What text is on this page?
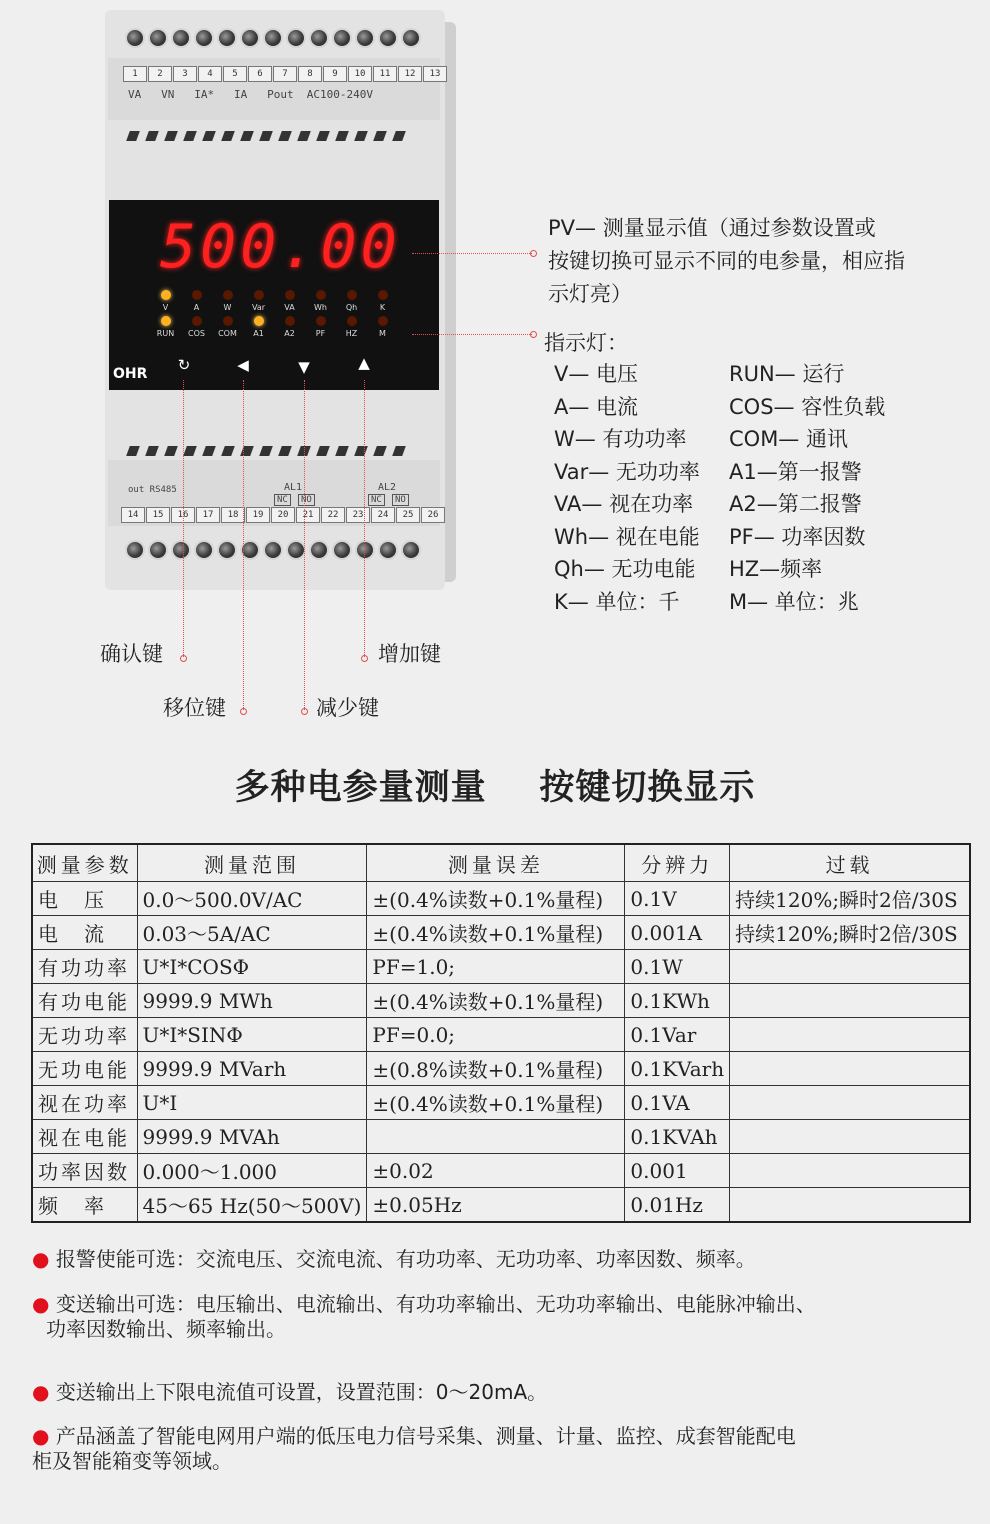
1	2	3	4	5	6	7	8	9	10	11	12	13
VA   VN   IA*   IA   Pout  AC100-240V
500.00
V	A	W	Var VA Wh Qh	K
RUN COS COM A1	A2	PF	HZ	M
OHR	↻	◀	▼	▲
out RS485	AL1	AL2
NC	NO	NC	NO
14	15	16	17	18	19	20	21	22	23	24	25	26
PV— 测量显示值（通过参数设置或
按键切换可显示不同的电参量，相应指
示灯亮）
指示灯：
V— 电压
A— 电流
W— 有功功率
Var— 无功功率
VA— 视在功率
Wh— 视在电能
Qh— 无功电能
K— 单位：千
RUN— 运行
COS— 容性负载
COM— 通讯
A1—第一报警
A2—第二报警
PF— 功率因数
HZ—频率
M— 单位：兆
确认键
移位键	减少键
增加键
多种电参量测量    按键切换显示
测量参数	测量范围	测量误差	分辨力	过载
电　压	0.0～500.0V/AC	±(0.4%读数+0.1%量程)	0.1V	持续120%;瞬时2倍/30S
电　流	0.03～5A/AC	±(0.4%读数+0.1%量程)	0.001A	持续120%;瞬时2倍/30S
有功功率	U*I*COSΦ	PF=1.0;	0.1W	
有功电能	9999.9 MWh	±(0.4%读数+0.1%量程)	0.1KWh	
无功功率	U*I*SINΦ	PF=0.0;	0.1Var	
无功电能	9999.9 MVarh	±(0.8%读数+0.1%量程)	0.1KVarh	
视在功率	U*I	±(0.4%读数+0.1%量程)	0.1VA	
视在电能	9999.9 MVAh		0.1KVAh	
功率因数	0.000～1.000	±0.02	0.001	
频　率	45～65 Hz(50～500V)	±0.05Hz	0.01Hz	
● 报警使能可选：交流电压、交流电流、有功功率、无功功率、功率因数、频率。
● 变送输出可选：电压输出、电流输出、有功功率输出、无功功率输出、电能脉冲输出、
功率因数输出、频率输出。
● 变送输出上下限电流值可设置，设置范围：0～20mA。
● 产品涵盖了智能电网用户端的低压电力信号采集、测量、计量、监控、成套智能配电
柜及智能箱变等领域。
